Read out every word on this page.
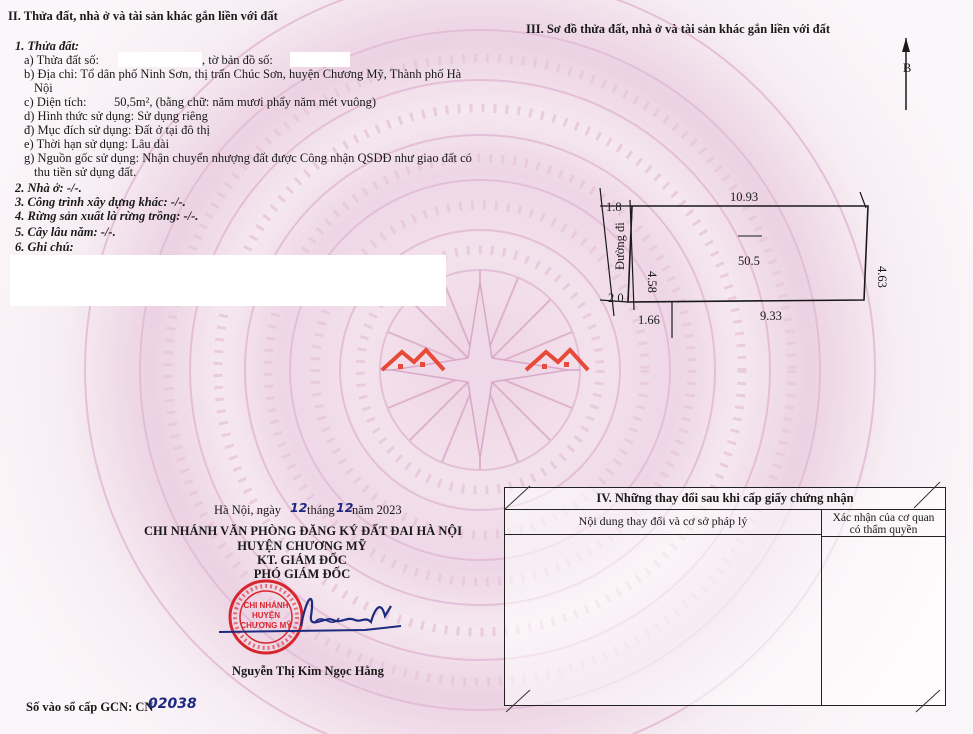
II. Thửa đất, nhà ở và tài sản khác gắn liền với đất
1. Thửa đất:
a) Thửa đất số:	, tờ bản đồ số:
b) Địa chỉ: Tổ dân phố Ninh Sơn, thị trấn Chúc Sơn, huyện Chương Mỹ, Thành phố Hà
Nội
c) Diện tích: 50,5m², (bằng chữ: năm mươi phẩy năm mét vuông)
d) Hình thức sử dụng: Sử dụng riêng
đ) Mục đích sử dụng: Đất ở tại đô thị
e) Thời hạn sử dụng: Lâu dài
g) Nguồn gốc sử dụng: Nhận chuyển nhượng đất được Công nhận QSDĐ như giao đất có
thu tiền sử dụng đất.
2. Nhà ở: -/-.
3. Công trình xây dựng khác: -/-.
4. Rừng sản xuất là rừng trồng: -/-.
5. Cây lâu năm: -/-.
6. Ghi chú:
III. Sơ đồ thửa đất, nhà ở và tài sản khác gắn liền với đất
B
1.8
10.93
4.58
50.5
4.63
2.0
1.66	9.33
Đường đi
Hà Nội, ngày 12 tháng 12
năm 2023
CHI NHÁNH VĂN PHÒNG ĐĂNG KÝ ĐẤT ĐAI HÀ NỘI
HUYỆN CHƯƠNG MỸ
KT. GIÁM ĐỐC
PHÓ GIÁM ĐỐC
CHI NHÁNH
HUYỆN
CHƯƠNG MỸ
Nguyễn Thị Kim Ngọc Hằng
Số vào sổ cấp GCN: CN
02038
IV. Những thay đổi sau khi cấp giấy chứng nhận
Nội dung thay đổi và cơ sở pháp lý	Xác nhận của cơ quan
có thẩm quyền
